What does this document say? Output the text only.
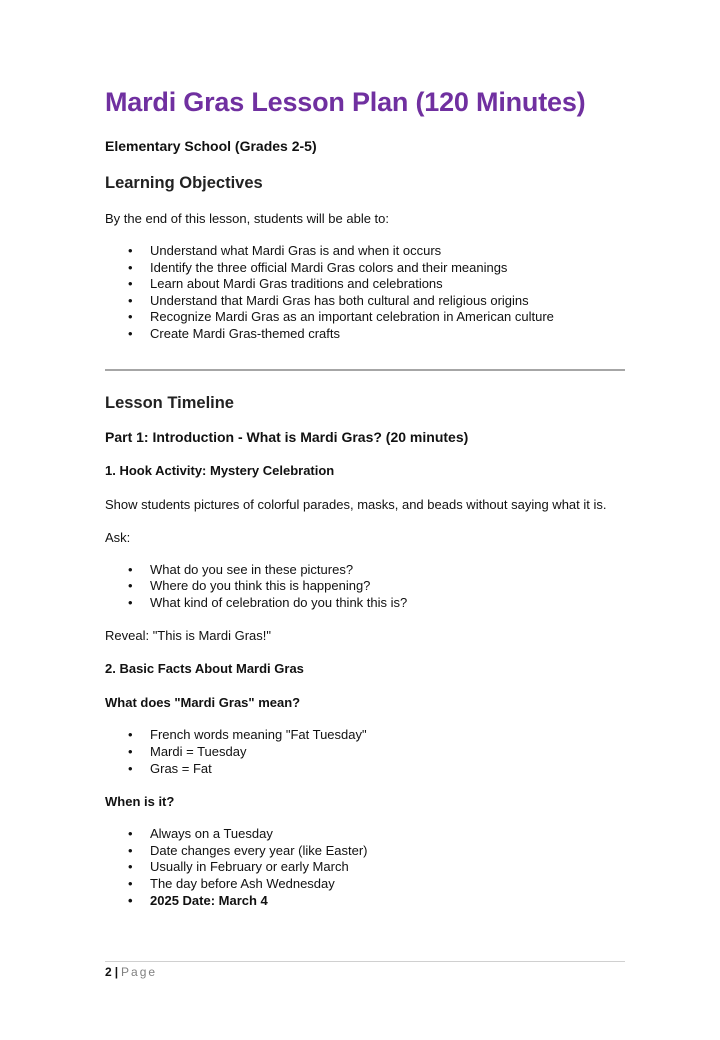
Mardi Gras Lesson Plan (120 Minutes)

Elementary School (Grades 2-5)

Learning Objectives

By the end of this lesson, students will be able to:

• Understand what Mardi Gras is and when it occurs
• Identify the three official Mardi Gras colors and their meanings
• Learn about Mardi Gras traditions and celebrations
• Understand that Mardi Gras has both cultural and religious origins
• Recognize Mardi Gras as an important celebration in American culture
• Create Mardi Gras-themed crafts
Lesson Timeline
Part 1: Introduction - What is Mardi Gras? (20 minutes)
1. Hook Activity: Mystery Celebration

Show students pictures of colorful parades, masks, and beads without saying what it is.

Ask:

• What do you see in these pictures?
• Where do you think this is happening?
• What kind of celebration do you think this is?

Reveal: "This is Mardi Gras!"

2. Basic Facts About Mardi Gras
What does "Mardi Gras" mean?
• French words meaning "Fat Tuesday"
• Mardi = Tuesday
• Gras = Fat
When is it?
• Always on a Tuesday
• Date changes every year (like Easter)
• Usually in February or early March
• The day before Ash Wednesday
• 2025 Date: March 4
2 | Page
